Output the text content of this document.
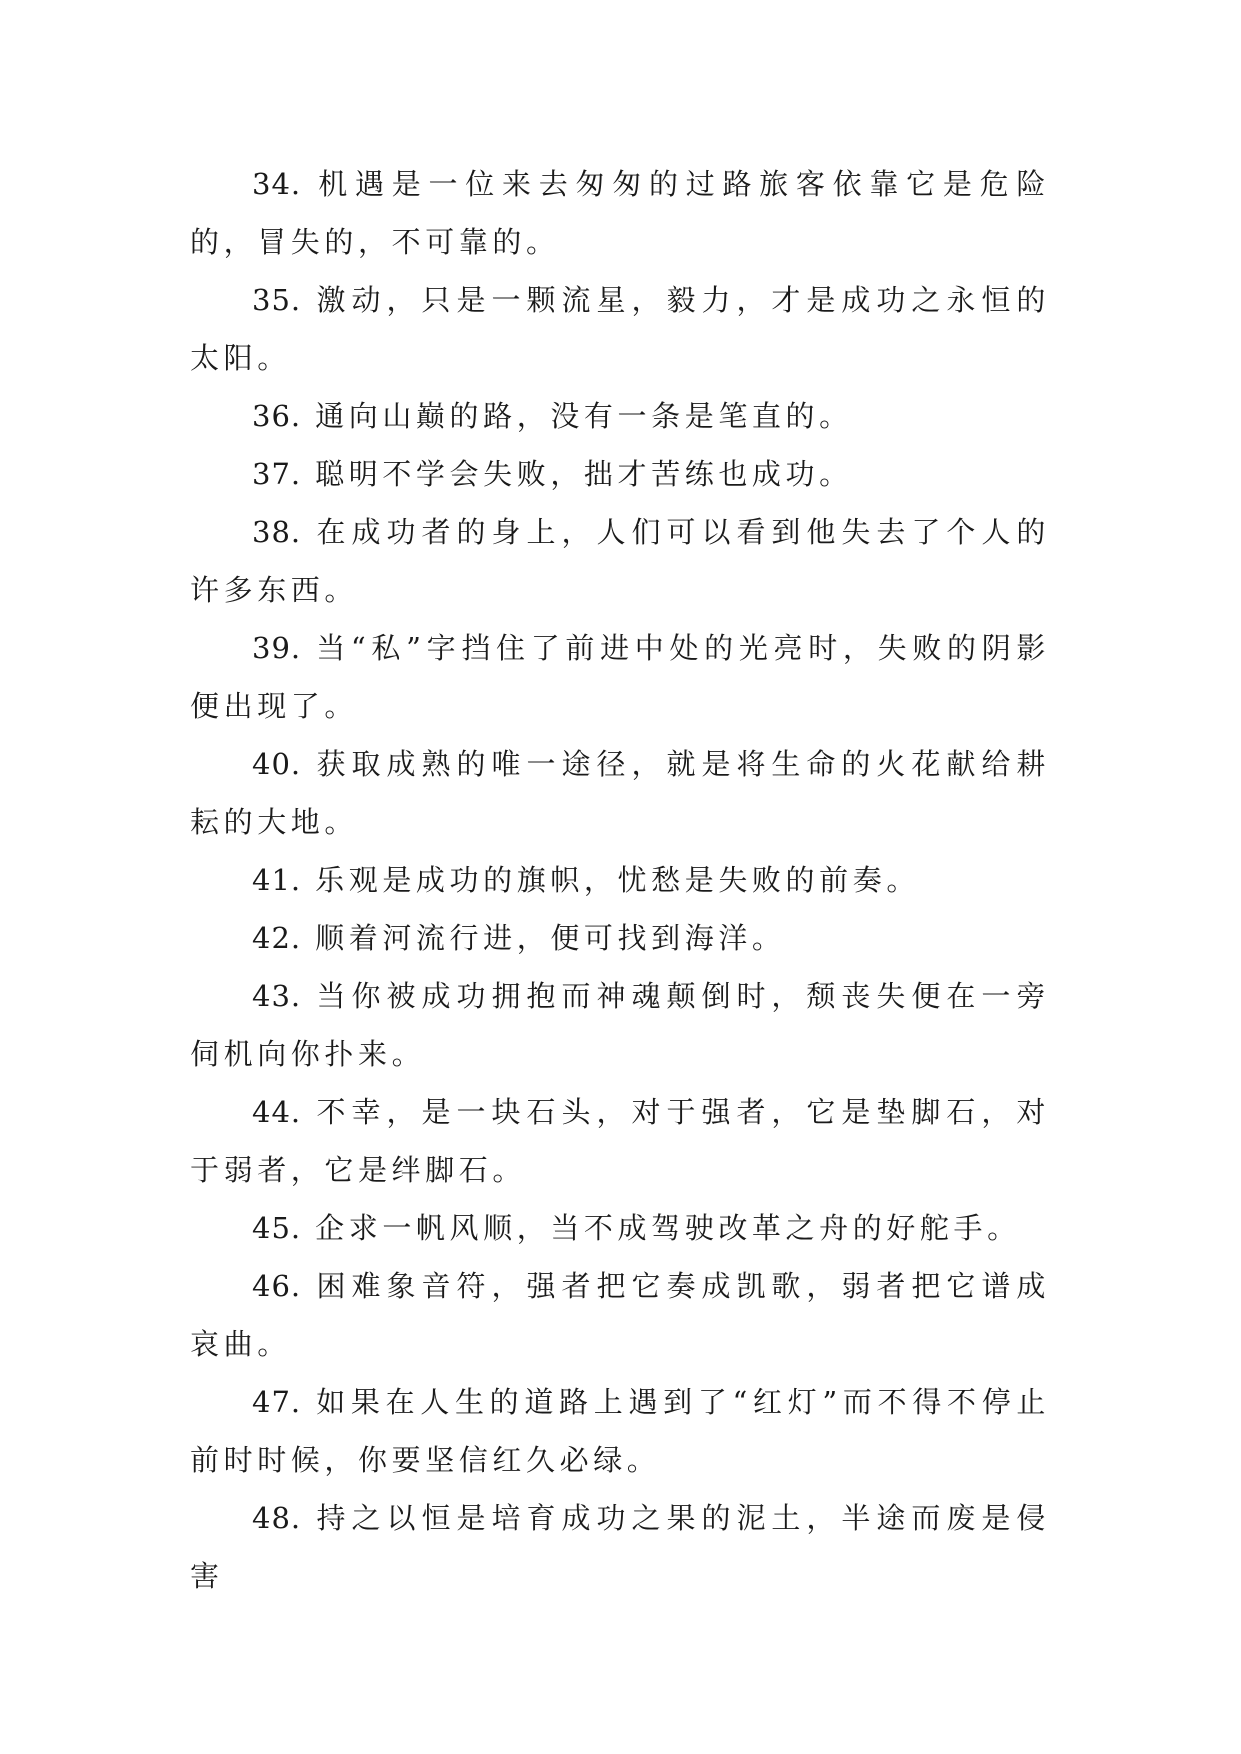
34. 机遇是一位来去匆匆的过路旅客依靠它是危险的，冒失的，不可靠的。

35. 激动，只是一颗流星，毅力，才是成功之永恒的太阳。

36. 通向山巅的路，没有一条是笔直的。

37. 聪明不学会失败，拙才苦练也成功。

38. 在成功者的身上，人们可以看到他失去了个人的许多东西。

39. 当“私”字挡住了前进中处的光亮时，失败的阴影便出现了。

40. 获取成熟的唯一途径，就是将生命的火花献给耕耘的大地。

41. 乐观是成功的旗帜，忧愁是失败的前奏。

42. 顺着河流行进，便可找到海洋。

43. 当你被成功拥抱而神魂颠倒时，颓丧失便在一旁伺机向你扑来。

44. 不幸，是一块石头，对于强者，它是垫脚石，对于弱者，它是绊脚石。

45. 企求一帆风顺，当不成驾驶改革之舟的好舵手。

46. 困难象音符，强者把它奏成凯歌，弱者把它谱成哀曲。

47. 如果在人生的道路上遇到了“红灯”而不得不停止前时时候，你要坚信红久必绿。

48. 持之以恒是培育成功之果的泥土，半途而废是侵害
